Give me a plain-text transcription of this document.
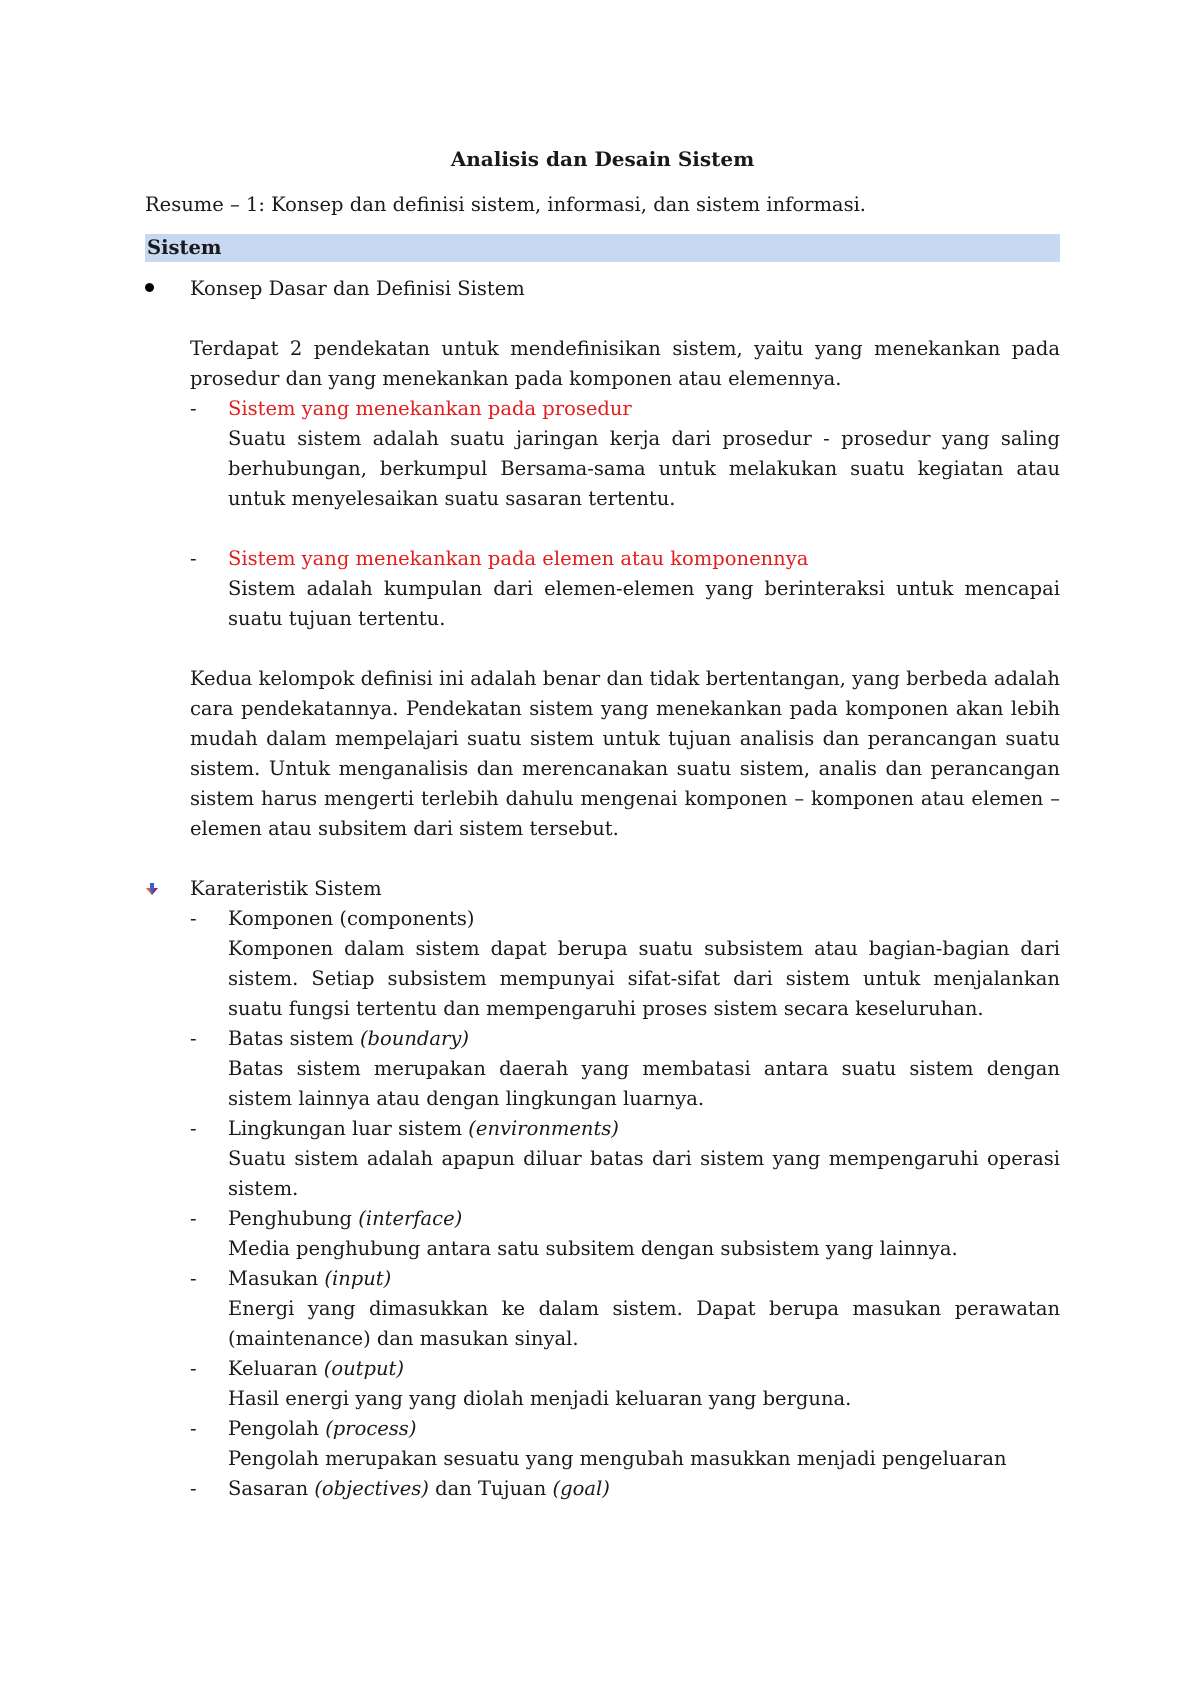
Analisis dan Desain Sistem
Resume – 1: Konsep dan definisi sistem, informasi, dan sistem informasi.
Sistem
Konsep Dasar dan Definisi Sistem

Terdapat 2 pendekatan untuk mendefinisikan sistem, yaitu yang menekankan pada prosedur dan yang menekankan pada komponen atau elemennya.

-	Sistem yang menekankan pada prosedur
Suatu sistem adalah suatu jaringan kerja dari prosedur - prosedur yang saling berhubungan, berkumpul Bersama-sama untuk melakukan suatu kegiatan atau untuk menyelesaikan suatu sasaran tertentu.
-	Sistem yang menekankan pada elemen atau komponennya
Sistem adalah kumpulan dari elemen-elemen yang berinteraksi untuk mencapai suatu tujuan tertentu.

Kedua kelompok definisi ini adalah benar dan tidak bertentangan, yang berbeda adalah cara pendekatannya. Pendekatan sistem yang menekankan pada komponen akan lebih mudah dalam mempelajari suatu sistem untuk tujuan analisis dan perancangan suatu sistem. Untuk menganalisis dan merencanakan suatu sistem, analis dan perancangan sistem harus mengerti terlebih dahulu mengenai komponen – komponen atau elemen – elemen atau subsitem dari sistem tersebut.

Karateristik Sistem
-	Komponen (components)
Komponen dalam sistem dapat berupa suatu subsistem atau bagian-bagian dari sistem. Setiap subsistem mempunyai sifat-sifat dari sistem untuk menjalankan suatu fungsi tertentu dan mempengaruhi proses sistem secara keseluruhan.
-	Batas sistem (boundary)
Batas sistem merupakan daerah yang membatasi antara suatu sistem dengan sistem lainnya atau dengan lingkungan luarnya.
-	Lingkungan luar sistem (environments)
Suatu sistem adalah apapun diluar batas dari sistem yang mempengaruhi operasi sistem.
-	Penghubung (interface)
Media penghubung antara satu subsitem dengan subsistem yang lainnya.
-	Masukan (input)
Energi yang dimasukkan ke dalam sistem. Dapat berupa masukan perawatan (maintenance) dan masukan sinyal.
-	Keluaran (output)
Hasil energi yang yang diolah menjadi keluaran yang berguna.
-	Pengolah (process)
Pengolah merupakan sesuatu yang mengubah masukkan menjadi pengeluaran
-	Sasaran (objectives) dan Tujuan (goal)
